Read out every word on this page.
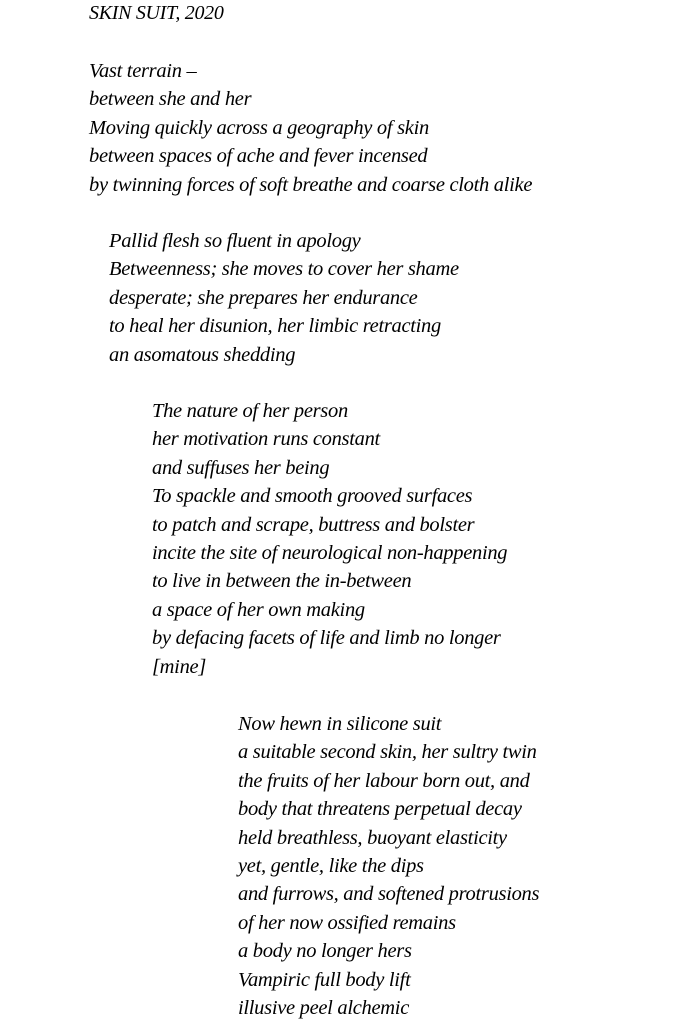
SKIN SUIT, 2020
Vast terrain –
between she and her
Moving quickly across a geography of skin
between spaces of ache and fever incensed
by twinning forces of soft breathe and coarse cloth alike
Pallid flesh so fluent in apology
Betweenness; she moves to cover her shame
desperate; she prepares her endurance
to heal her disunion, her limbic retracting
an asomatous shedding
The nature of her person
her motivation runs constant
and suffuses her being
To spackle and smooth grooved surfaces
to patch and scrape, buttress and bolster
incite the site of neurological non-happening
to live in between the in-between
a space of her own making
by defacing facets of life and limb no longer
[mine]
Now hewn in silicone suit
a suitable second skin, her sultry twin
the fruits of her labour born out, and
body that threatens perpetual decay
held breathless, buoyant elasticity
yet, gentle, like the dips
and furrows, and softened protrusions
of her now ossified remains
a body no longer hers
Vampiric full body lift
illusive peel alchemic
